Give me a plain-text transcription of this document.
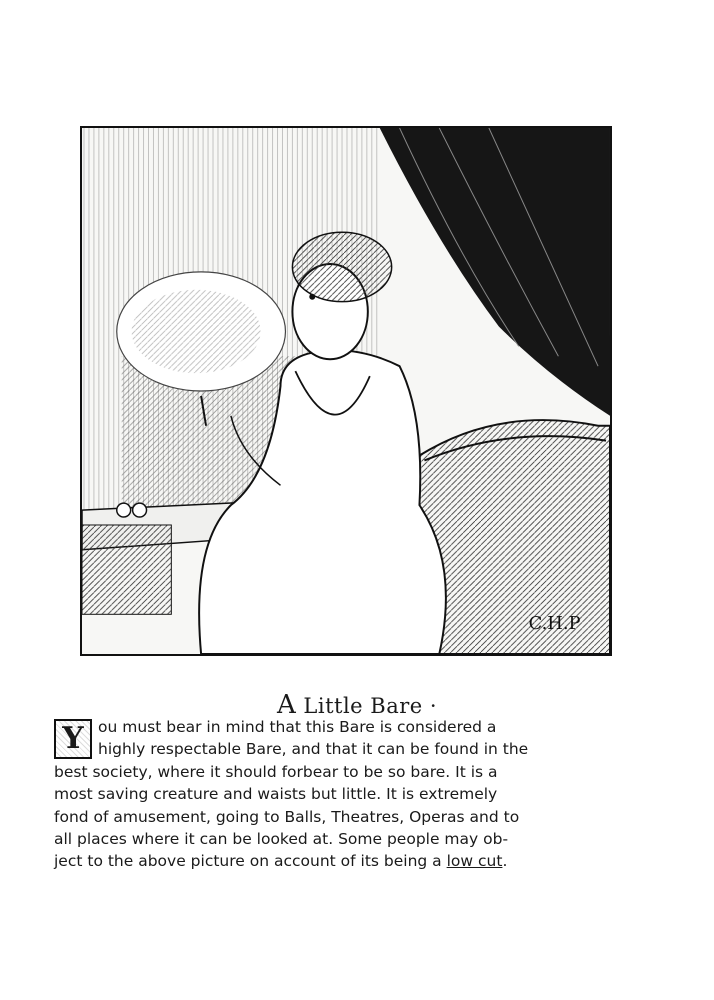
C.H.P
A Little Bare ·
Y ou must bear in mind that this Bare is considered a
highly respectable Bare, and that it can be found in the
best society, where it should forbear to be so bare. It is a
most saving creature and waists but little. It is extremely
fond of amusement, going to Balls, Theatres, Operas and to
all places where it can be looked at. Some people may ob-
ject to the above picture on account of its being a low cut.
